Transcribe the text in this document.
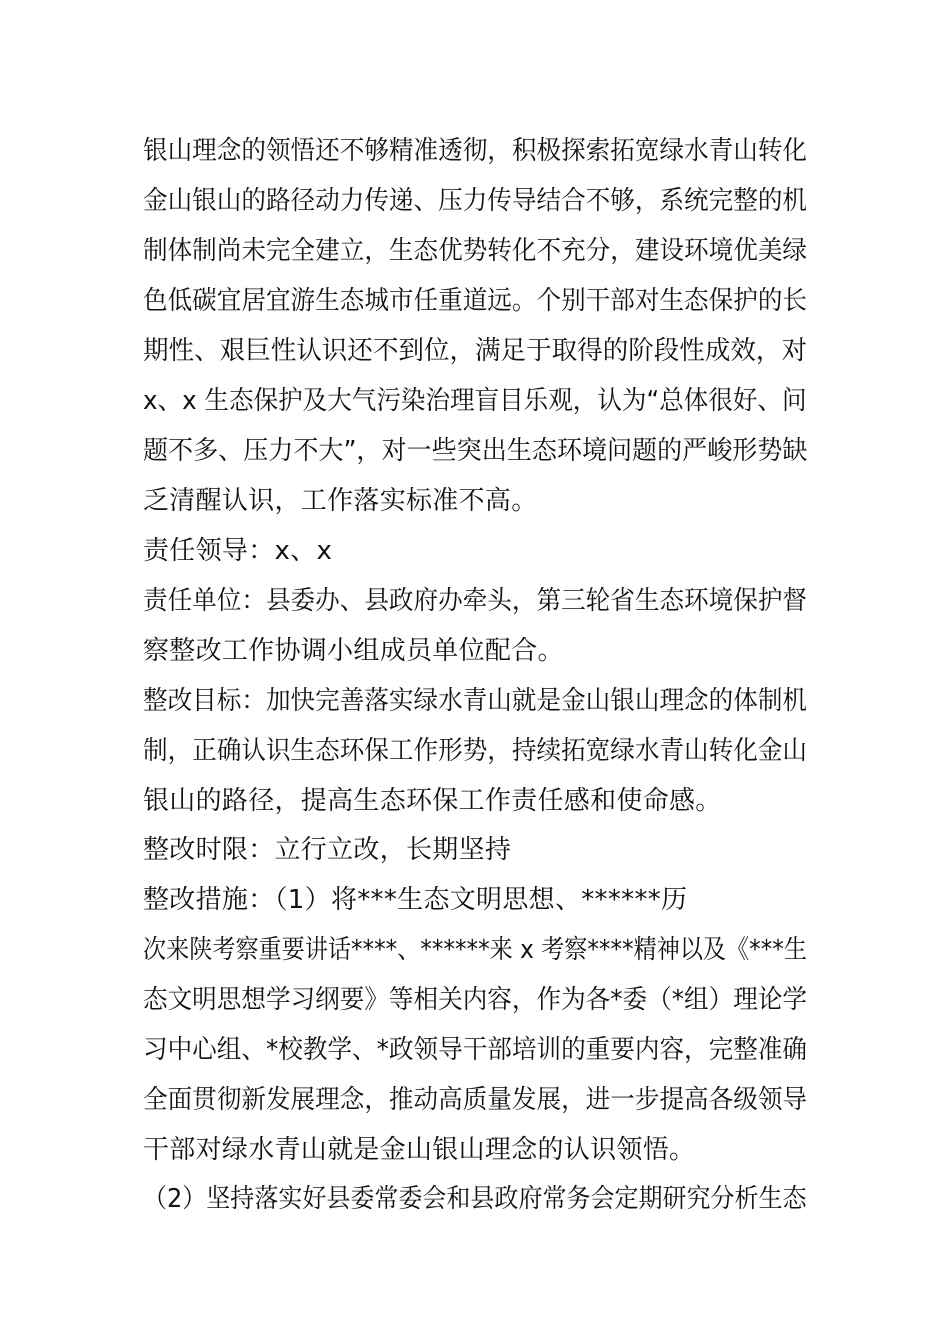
银山理念的领悟还不够精准透彻，积极探索拓宽绿水青山转化
金山银山的路径动力传递、压力传导结合不够，系统完整的机
制体制尚未完全建立，生态优势转化不充分，建设环境优美绿
色低碳宜居宜游生态城市任重道远。个别干部对生态保护的长
期性、艰巨性认识还不到位，满足于取得的阶段性成效，对
x、x 生态保护及大气污染治理盲目乐观，认为“总体很好、问
题不多、压力不大”，对一些突出生态环境问题的严峻形势缺
乏清醒认识，工作落实标准不高。
责任领导：x、x
责任单位：县委办、县政府办牵头，第三轮省生态环境保护督
察整改工作协调小组成员单位配合。
整改目标：加快完善落实绿水青山就是金山银山理念的体制机
制，正确认识生态环保工作形势，持续拓宽绿水青山转化金山
银山的路径，提高生态环保工作责任感和使命感。
整改时限：立行立改，长期坚持
整改措施：（1）将***生态文明思想、******历
次来陕考察重要讲话****、******来 x 考察****精神以及《***生
态文明思想学习纲要》等相关内容，作为各*委（*组）理论学
习中心组、*校教学、*政领导干部培训的重要内容，完整准确
全面贯彻新发展理念，推动高质量发展，进一步提高各级领导
干部对绿水青山就是金山银山理念的认识领悟。
（2）坚持落实好县委常委会和县政府常务会定期研究分析生态
